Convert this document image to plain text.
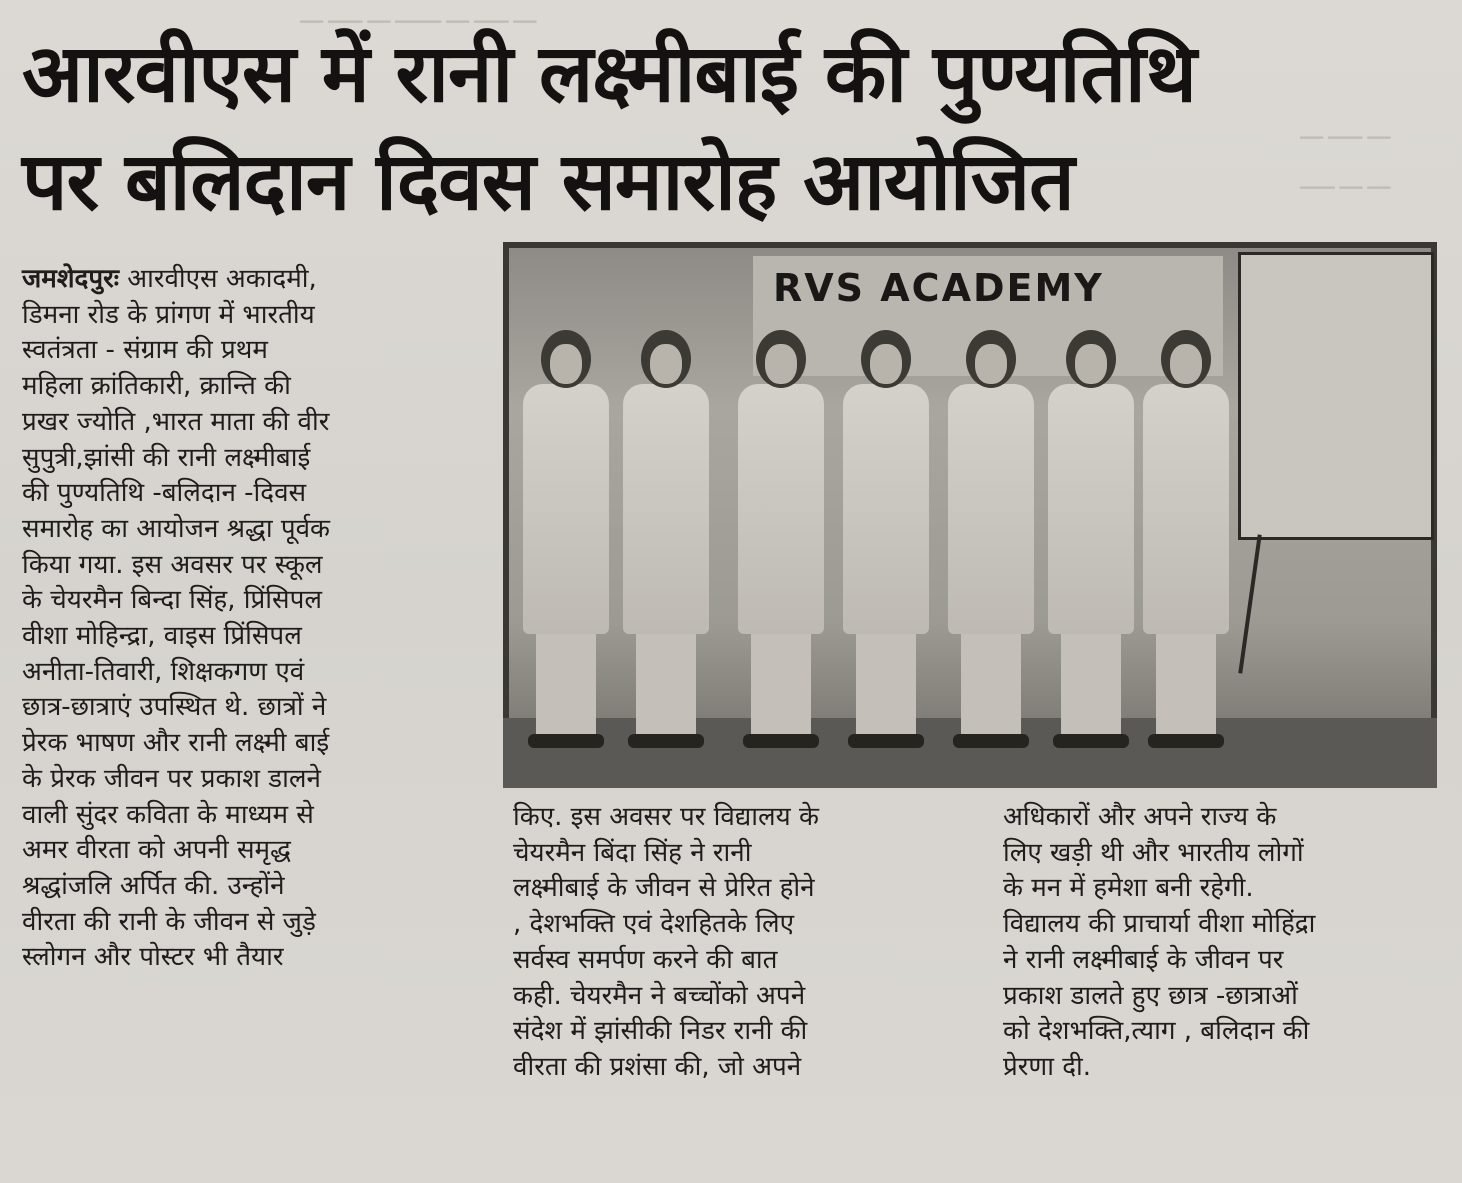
▁▁ ▁▁▁ ▁▁ ▁▁▁▁ ▁▁ ▁▁▁ ▁▁
▁▁ ▁▁▁ ▁▁
▁▁▁ ▁▁ ▁▁
आरवीएस में रानी लक्ष्मीबाई की पुण्यतिथि
पर बलिदान दिवस समारोह आयोजित

जमशेदपुरः आरवीएस अकादमी,

डिमना रोड के प्रांगण में भारतीय

स्वतंत्रता - संग्राम की प्रथम

महिला क्रांतिकारी, क्रान्ति की

प्रखर ज्योति ,भारत माता की वीर

सुपुत्री,झांसी की रानी लक्ष्मीबाई

की पुण्यतिथि -बलिदान -दिवस

समारोह का आयोजन श्रद्धा पूर्वक

किया गया. इस अवसर पर स्कूल

के चेयरमैन बिन्दा सिंह, प्रिंसिपल

वीशा मोहिन्द्रा, वाइस प्रिंसिपल

अनीता-तिवारी, शिक्षकगण एवं

छात्र-छात्राएं उपस्थित थे. छात्रों ने

प्रेरक भाषण और रानी लक्ष्मी बाई

के प्रेरक जीवन पर प्रकाश डालने

वाली सुंदर कविता के माध्यम से

अमर वीरता को अपनी समृद्ध

श्रद्धांजलि अर्पित की. उन्होंने

वीरता की रानी के जीवन से जुड़े

स्लोगन और पोस्टर भी तैयार

RVS ACADEMY

किए. इस अवसर पर विद्यालय के

चेयरमैन बिंदा सिंह ने रानी

लक्ष्मीबाई के जीवन से प्रेरित होने

, देशभक्ति एवं देशहितके लिए

सर्वस्व समर्पण करने की बात

कही. चेयरमैन ने बच्चोंको अपने

संदेश में झांसीकी निडर रानी की

वीरता की प्रशंसा की, जो अपने

अधिकारों और अपने राज्य के

लिए खड़ी थी और भारतीय लोगों

के मन में हमेशा बनी रहेगी.

विद्यालय की प्राचार्या वीशा मोहिंद्रा

ने रानी लक्ष्मीबाई के जीवन पर

प्रकाश डालते हुए छात्र -छात्राओं

को देशभक्ति,त्याग , बलिदान की

प्रेरणा दी.
